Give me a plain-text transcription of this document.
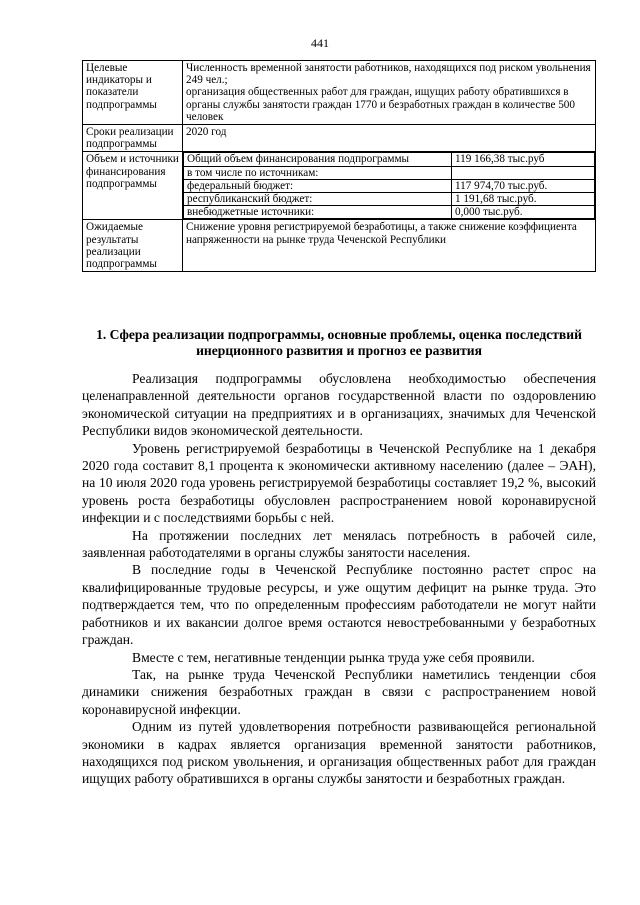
441
Целевые индикаторы и показатели подпрограммы	
Численность временной занятости работников, находящихся под риском увольнения 249 чел.;
организация общественных работ для граждан, ищущих работу обратившихся в органы службы занятости граждан 1770 и безработных граждан в количестве 500 человек

Сроки реализации подпрограммы	
2020 год

Объем и источники финансирования подпрограммы	
Общий объем финансирования подпрограммы	119 166,38 тыс.руб
в том числе по источникам:	
федеральный бюджет:	117 974,70 тыс.руб.
республиканский бюджет:	1 191,68 тыс.руб.
внебюджетные источники:	0,000 тыс.руб.

Ожидаемые результаты реализации подпрограммы	
Снижение уровня регистрируемой безработицы, а также снижение коэффициента напряженности на рынке труда Чеченской Республики
1. Сфера реализации подпрограммы, основные проблемы, оценка последствий инерционного развития и прогноз ее развития

Реализация подпрограммы обусловлена необходимостью обеспечения целенаправленной деятельности органов государственной власти по оздоровлению экономической ситуации на предприятиях и в организациях, значимых для Чеченской Республики видов экономической деятельности.

Уровень регистрируемой безработицы в Чеченской Республике на 1 декабря 2020 года составит 8,1 процента к экономически активному населению (далее – ЭАН), на 10 июля 2020 года уровень регистрируемой безработицы составляет 19,2 %, высокий уровень роста безработицы обусловлен распространением новой коронавирусной инфекции и с последствиями борьбы с ней.

На протяжении последних лет менялась потребность в рабочей силе, заявленная работодателями в органы службы занятости населения.

В последние годы в Чеченской Республике постоянно растет спрос на квалифицированные трудовые ресурсы, и уже ощутим дефицит на рынке труда. Это подтверждается тем, что по определенным профессиям работодатели не могут найти работников и их вакансии долгое время остаются невостребованными у безработных граждан.

Вместе с тем, негативные тенденции рынка труда уже себя проявили.

Так, на рынке труда Чеченской Республики наметились тенденции сбоя динамики снижения безработных граждан в связи с распространением новой коронавирусной инфекции.

Одним из путей удовлетворения потребности развивающейся региональной экономики в кадрах является организация временной занятости работников, находящихся под риском увольнения, и организация общественных работ для граждан ищущих работу обратившихся в органы службы занятости и безработных граждан.
